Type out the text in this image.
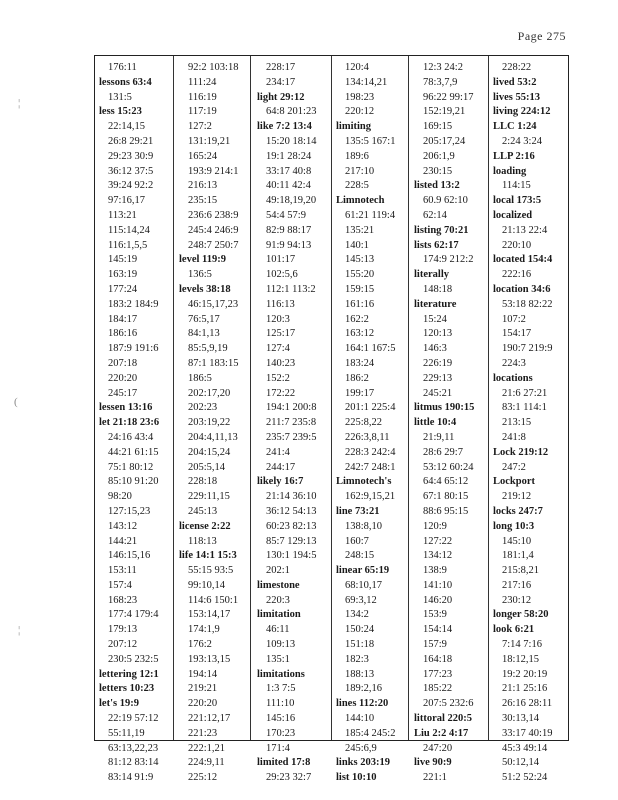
Page 275
¦
(
¦
176:11
lessons 63:4
131:5
less 15:23
22:14,15
26:8 29:21
29:23 30:9
36:12 37:5
39:24 92:2
97:16,17
113:21
115:14,24
116:1,5,5
145:19
163:19
177:24
183:2 184:9
184:17
186:16
187:9 191:6
207:18
220:20
245:17
lessen 13:16
let 21:18 23:6
24:16 43:4
44:21 61:15
75:1 80:12
85:10 91:20
98:20
127:15,23
143:12
144:21
146:15,16
153:11
157:4
168:23
177:4 179:4
179:13
207:12
230:5 232:5
lettering 12:1
letters 10:23
let's 19:9
22:19 57:12
55:11,19
63:13,22,23
81:12 83:14
83:14 91:9
92:2 103:18
111:24
116:19
117:19
127:2
131:19,21
165:24
193:9 214:1
216:13
235:15
236:6 238:9
245:4 246:9
248:7 250:7
level 119:9
136:5
levels 38:18
46:15,17,23
76:5,17
84:1,13
85:5,9,19
87:1 183:15
186:5
202:17,20
202:23
203:19,22
204:4,11,13
204:15,24
205:5,14
228:18
229:11,15
245:13
license 2:22
118:13
life 14:1 15:3
55:15 93:5
99:10,14
114:6 150:1
153:14,17
174:1,9
176:2
193:13,15
194:14
219:21
220:20
221:12,17
221:23
222:1,21
224:9,11
225:12
228:17
234:17
light 29:12
64:8 201:23
like 7:2 13:4
15:20 18:14
19:1 28:24
33:17 40:8
40:11 42:4
49:18,19,20
54:4 57:9
82:9 88:17
91:9 94:13
101:17
102:5,6
112:1 113:2
116:13
120:3
125:17
127:4
140:23
152:2
172:22
194:1 200:8
211:7 235:8
235:7 239:5
241:4
244:17
likely 16:7
21:14 36:10
36:12 54:13
60:23 82:13
85:7 129:13
130:1 194:5
202:1
limestone
220:3
limitation
46:11
109:13
135:1
limitations
1:3 7:5
111:10
145:16
170:23
171:4
limited 17:8
29:23 32:7
120:4
134:14,21
198:23
220:12
limiting
135:5 167:1
189:6
217:10
228:5
Limnotech
61:21 119:4
135:21
140:1
145:13
155:20
159:15
161:16
162:2
163:12
164:1 167:5
183:24
186:2
199:17
201:1 225:4
225:8,22
226:3,8,11
228:3 242:4
242:7 248:1
Limnotech's
162:9,15,21
line 73:21
138:8,10
160:7
248:15
linear 65:19
68:10,17
69:3,12
134:2
150:24
151:18
182:3
188:13
189:2,16
lines 112:20
144:10
185:4 245:2
245:6,9
links 203:19
list 10:10
12:3 24:2
78:3,7,9
96:22 99:17
152:19,21
169:15
205:17,24
206:1,9
230:15
listed 13:2
60.9 62:10
62:14
listing 70:21
lists 62:17
174:9 212:2
literally
148:18
literature
15:24
120:13
146:3
226:19
229:13
245:21
litmus 190:15
little 10:4
21:9,11
28:6 29:7
53:12 60:24
64:4 65:12
67:1 80:15
88:6 95:15
120:9
127:22
134:12
138:9
141:10
146:20
153:9
154:14
157:9
164:18
177:23
185:22
207:5 232:6
littoral 220:5
Liu 2:2 4:17
247:20
live 90:9
221:1
228:22
lived 53:2
lives 55:13
living 224:12
LLC 1:24
2:24 3:24
LLP 2:16
loading
114:15
local 173:5
localized
21:13 22:4
220:10
located 154:4
222:16
location 34:6
53:18 82:22
107:2
154:17
190:7 219:9
224:3
locations
21:6 27:21
83:1 114:1
213:15
241:8
Lock 219:12
247:2
Lockport
219:12
locks 247:7
long 10:3
145:10
181:1,4
215:8,21
217:16
230:12
longer 58:20
look 6:21
7:14 7:16
18:12,15
19:2 20:19
21:1 25:16
26:16 28:11
30:13,14
33:17 40:19
45:3 49:14
50:12,14
51:2 52:24
